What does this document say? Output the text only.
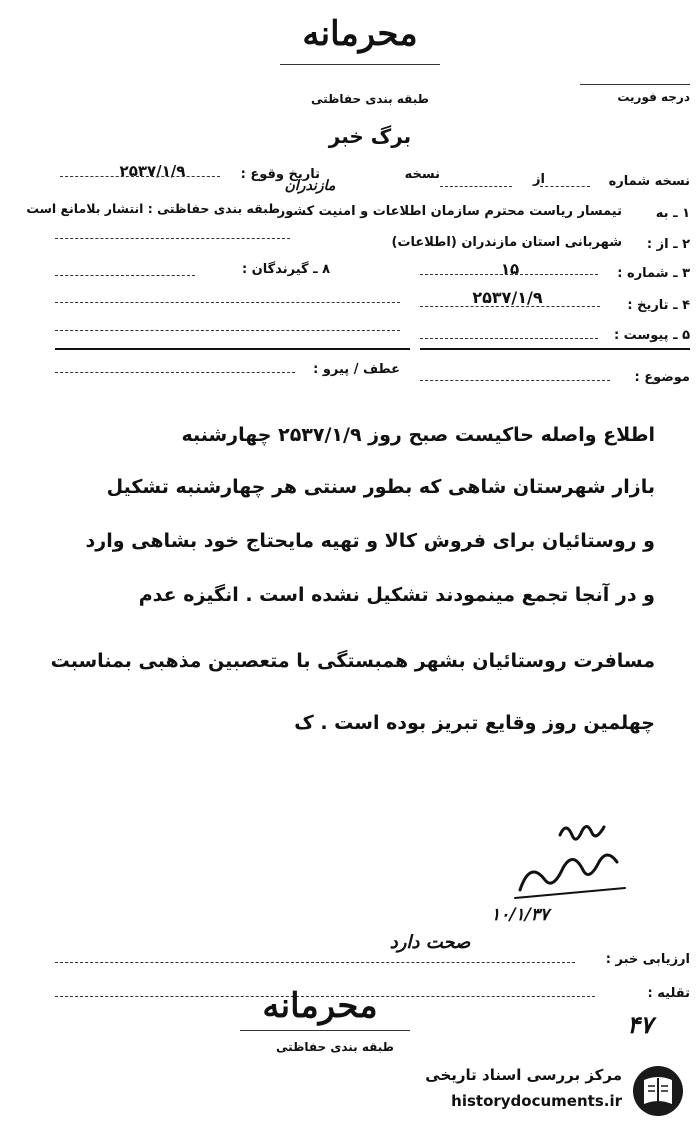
محرمانه
طبقه بندی حفاظتی	درجه فوریت
برگ خبر
نسخه شماره
از
نسخه
تاریخ وقوع :
۲۵۳۷/۱/۹
مازندران
۱ ـ به
تیمسار ریاست محترم سازمان اطلاعات و امنیت کشور
طبقه بندی حفاظتی : انتشار بلامانع است
۲ ـ از :
شهربانی استان مازندران (اطلاعات)
۸ ـ گیرندگان :	۳ ـ شماره :
۱۵
۴ ـ تاریخ :
۲۵۳۷/۱/۹
۵ ـ پیوست :
موضوع :
عطف / پیرو :
اطلاع واصله حاکیست صبح روز ۲۵۳۷/۱/۹ چهارشنبه
بازار شهرستان شاهی که بطور سنتی هر چهارشنبه تشکیل
و روستائیان برای فروش کالا و تهیه مایحتاج خود بشاهی وارد
و در آنجا تجمع مینمودند تشکیل نشده است . انگیزه عدم
مسافرت روستائیان بشهر همبستگی با متعصبین مذهبی بمناسبت
چهلمین روز وقایع تبریز بوده است . ک
۱۰/۱/۳۷
ارزیابی خبر :
صحت دارد
تقلیه :
۴۷
محرمانه
طبقه بندی حفاظتی
مرکز بررسی اسناد تاریخی
historydocuments.ir
